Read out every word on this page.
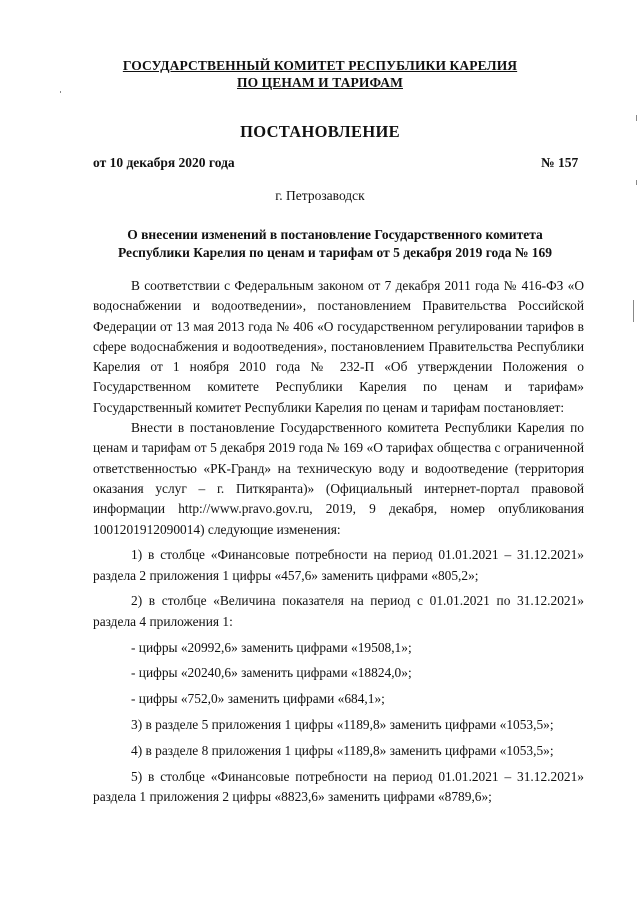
ГОСУДАРСТВЕННЫЙ КОМИТЕТ РЕСПУБЛИКИ КАРЕЛИЯ
ПО ЦЕНАМ И ТАРИФАМ
ПОСТАНОВЛЕНИЕ
от 10 декабря 2020 года	№ 157
г. Петрозаводск
О внесении изменений в постановление Государственного комитета Республики Карелия по ценам и тарифам от 5 декабря 2019 года № 169

В соответствии с Федеральным законом от 7 декабря 2011 года № 416-ФЗ «О водоснабжении и водоотведении», постановлением Правительства Российской Федерации от 13 мая 2013 года № 406 «О государственном регулировании тарифов в сфере водоснабжения и водоотведения», постановлением Правительства Республики Карелия от 1 ноября 2010 года № 232-П «Об утверждении Положения о Государственном комитете Республики Карелия по ценам и тарифам» Государственный комитет Республики Карелия по ценам и тарифам постановляет:

Внести в постановление Государственного комитета Республики Карелия по ценам и тарифам от 5 декабря 2019 года № 169 «О тарифах общества с ограниченной ответственностью «РК-Гранд» на техническую воду и водоотведение (территория оказания услуг – г. Питкяранта)» (Официальный интернет-портал правовой информации http://www.pravo.gov.ru, 2019, 9 декабря, номер опубликования 1001201912090014) следующие изменения:

1) в столбце «Финансовые потребности на период 01.01.2021 – 31.12.2021» раздела 2 приложения 1 цифры «457,6» заменить цифрами «805,2»;

2) в столбце «Величина показателя на период с 01.01.2021 по 31.12.2021» раздела 4 приложения 1:

- цифры «20992,6» заменить цифрами «19508,1»;

- цифры «20240,6» заменить цифрами «18824,0»;

- цифры «752,0» заменить цифрами «684,1»;

3) в разделе 5 приложения 1 цифры «1189,8» заменить цифрами «1053,5»;

4) в разделе 8 приложения 1 цифры «1189,8» заменить цифрами «1053,5»;

5) в столбце «Финансовые потребности на период 01.01.2021 – 31.12.2021» раздела 1 приложения 2 цифры «8823,6» заменить цифрами «8789,6»;
